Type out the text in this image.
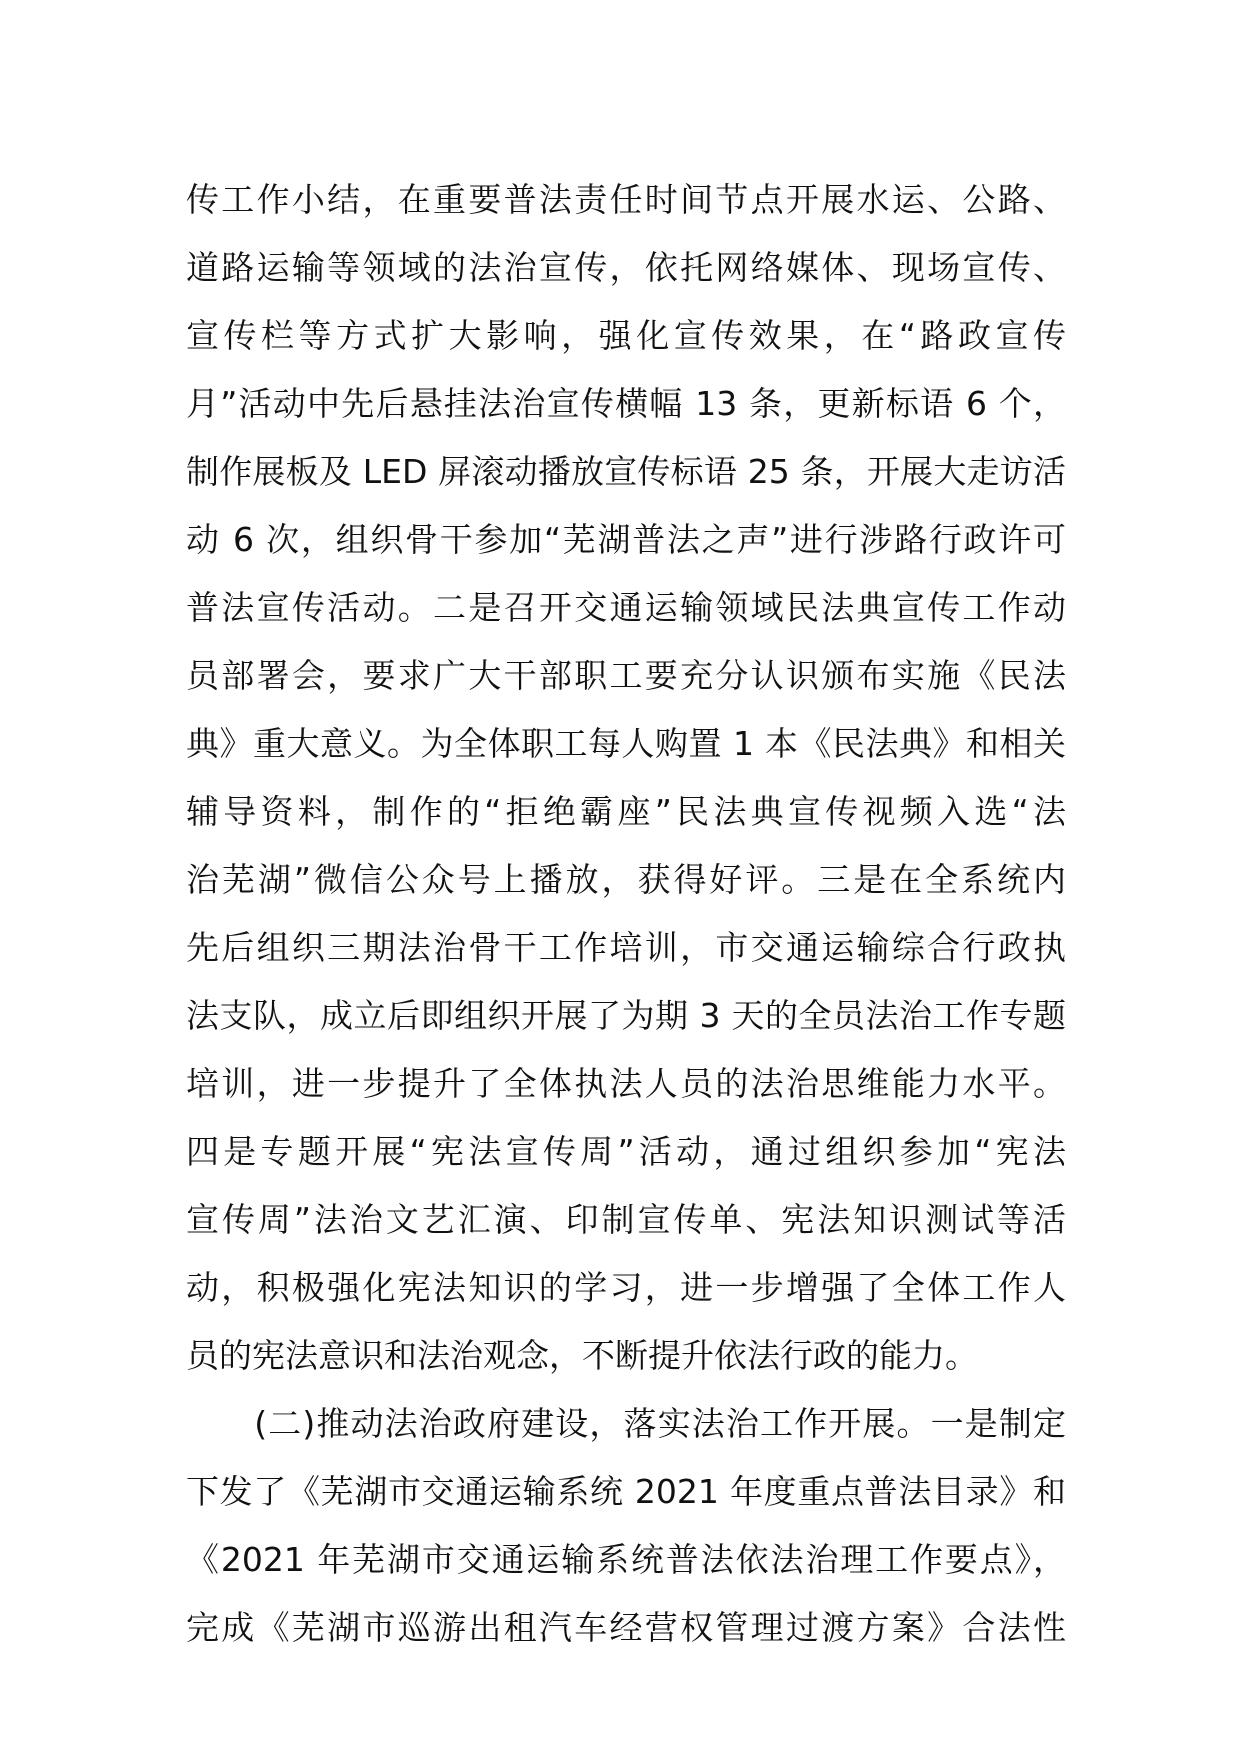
传工作小结，在重要普法责任时间节点开展水运、公路、
道路运输等领域的法治宣传，依托网络媒体、现场宣传、
宣传栏等方式扩大影响，强化宣传效果，在“路政宣传
月”活动中先后悬挂法治宣传横幅 13 条，更新标语 6 个，
制作展板及 LED 屏滚动播放宣传标语 25 条，开展大走访活
动 6 次，组织骨干参加“芜湖普法之声”进行涉路行政许可
普法宣传活动。二是召开交通运输领域民法典宣传工作动
员部署会，要求广大干部职工要充分认识颁布实施《民法
典》重大意义。为全体职工每人购置 1 本《民法典》和相关
辅导资料，制作的“拒绝霸座”民法典宣传视频入选“法
治芜湖”微信公众号上播放，获得好评。三是在全系统内
先后组织三期法治骨干工作培训，市交通运输综合行政执
法支队，成立后即组织开展了为期 3 天的全员法治工作专题
培训，进一步提升了全体执法人员的法治思维能力水平。
四是专题开展“宪法宣传周”活动，通过组织参加“宪法
宣传周”法治文艺汇演、印制宣传单、宪法知识测试等活
动，积极强化宪法知识的学习，进一步增强了全体工作人
员的宪法意识和法治观念，不断提升依法行政的能力。
　　(二)推动法治政府建设，落实法治工作开展。一是制定
下发了《芜湖市交通运输系统 2021 年度重点普法目录》和
《2021 年芜湖市交通运输系统普法依法治理工作要点》，
完成《芜湖市巡游出租汽车经营权管理过渡方案》合法性
